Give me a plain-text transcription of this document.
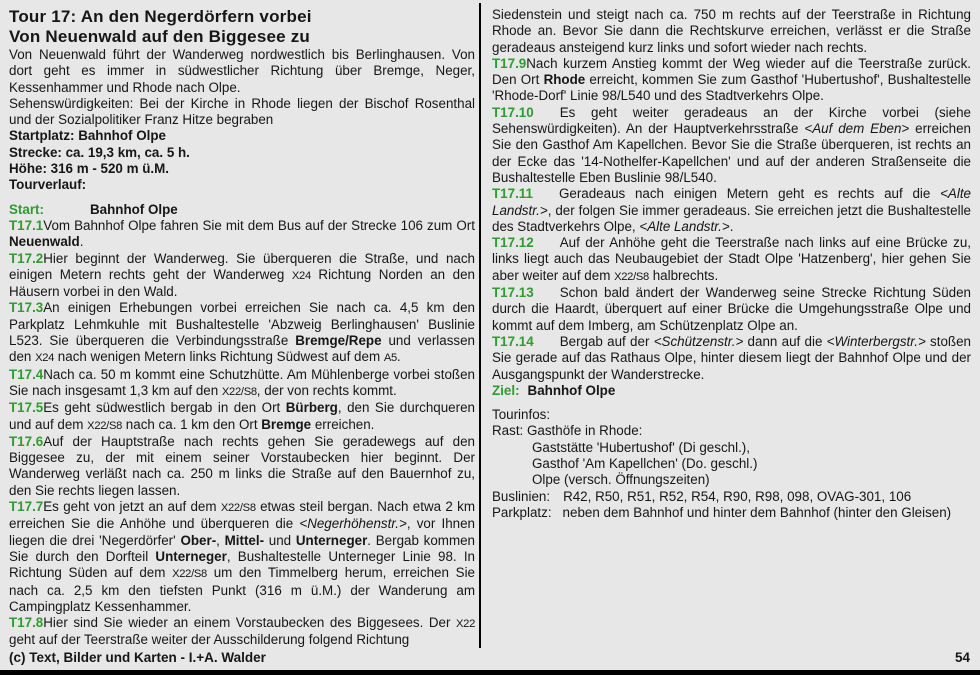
Tour 17: An den Negerdörfern vorbei
Von Neuenwald auf den Biggesee zu
Von Neuenwald führt der Wanderweg nordwestlich bis Berlinghausen. Von dort geht es immer in südwestlicher Richtung über Bremge, Neger, Kessenhammer und Rhode nach Olpe.
Sehenswürdigkeiten: Bei der Kirche in Rhode liegen der Bischof Rosenthal und der Sozialpolitiker Franz Hitze begraben
Startplatz: Bahnhof Olpe
Strecke: ca. 19,3 km, ca. 5 h.
Höhe: 316 m - 520 m ü.M.
Tourverlauf:
Start:	Bahnhof Olpe
T17.1Vom Bahnhof Olpe fahren Sie mit dem Bus auf der Strecke 106 zum Ort Neuenwald.
T17.2Hier beginnt der Wanderweg. Sie überqueren die Straße, und nach einigen Metern rechts geht der Wanderweg X24 Richtung Norden an den Häusern vorbei in den Wald.
T17.3An einigen Erhebungen vorbei erreichen Sie nach ca. 4,5 km den Parkplatz Lehmkuhle mit Bushaltestelle 'Abzweig Berlinghausen' Buslinie L523. Sie überqueren die Verbindungsstraße Bremge/Repe und verlassen den X24 nach wenigen Metern links Richtung Südwest auf dem A5.
T17.4Nach ca. 50 m kommt eine Schutzhütte. Am Mühlenberge vorbei stoßen Sie nach insgesamt 1,3 km auf den X22/S8, der von rechts kommt.
T17.5Es geht südwestlich bergab in den Ort Bürberg, den Sie durchqueren und auf dem X22/S8 nach ca. 1 km den Ort Bremge erreichen.
T17.6Auf der Hauptstraße nach rechts gehen Sie geradewegs auf den Biggesee zu, der mit einem seiner Vorstaubecken hier beginnt. Der Wanderweg verläßt nach ca. 250 m links die Straße auf den Bauernhof zu, den Sie rechts liegen lassen.
T17.7Es geht von jetzt an auf dem X22/S8 etwas steil bergan. Nach etwa 2 km erreichen Sie die Anhöhe und überqueren die <Negerhöhenstr.>, vor Ihnen liegen die drei 'Negerdörfer' Ober-, Mittel- und Unterneger. Bergab kommen Sie durch den Dorfteil Unterneger, Bushaltestelle Unterneger Linie 98. In Richtung Süden auf dem X22/S8 um den Timmelberg herum, erreichen Sie nach ca. 2,5 km den tiefsten Punkt (316 m ü.M.) der Wanderung am Campingplatz Kessenhammer.
T17.8Hier sind Sie wieder an einem Vorstaubecken des Biggesees. Der X22 geht auf der Teerstraße weiter der Ausschilderung folgend Richtung
Siedenstein und steigt nach ca. 750 m rechts auf der Teerstraße in Richtung Rhode an. Bevor Sie dann die Rechtskurve erreichen, verlässt er die Straße geradeaus ansteigend kurz links und sofort wieder nach rechts.
T17.9Nach kurzem Anstieg kommt der Weg wieder auf die Teerstraße zurück. Den Ort Rhode erreicht, kommen Sie zum Gasthof 'Hubertushof', Bushaltestelle 'Rhode-Dorf' Linie 98/L540 und des Stadtverkehrs Olpe.
T17.10 Es geht weiter geradeaus an der Kirche vorbei (siehe Sehenswürdigkeiten). An der Hauptverkehrsstraße <Auf dem Eben> erreichen Sie den Gasthof Am Kapellchen. Bevor Sie die Straße überqueren, ist rechts an der Ecke das '14-Nothelfer-Kapellchen' und auf der anderen Straßenseite die Bushaltestelle Eben Buslinie 98/L540.
T17.11 Geradeaus nach einigen Metern geht es rechts auf die <Alte Landstr.>, der folgen Sie immer geradeaus. Sie erreichen jetzt die Bushaltestelle des Stadtverkehrs Olpe, <Alte Landstr.>.
T17.12 Auf der Anhöhe geht die Teerstraße nach links auf eine Brücke zu, links liegt auch das Neubaugebiet der Stadt Olpe 'Hatzenberg', hier gehen Sie aber weiter auf dem X22/S8 halbrechts.
T17.13 Schon bald ändert der Wanderweg seine Strecke Richtung Süden durch die Haardt, überquert auf einer Brücke die Umgehungsstraße Olpe und kommt auf dem Imberg, am Schützenplatz Olpe an.
T17.14 Bergab auf der <Schützenstr.> dann auf die <Winterbergstr.> stoßen Sie gerade auf das Rathaus Olpe, hinter diesem liegt der Bahnhof Olpe und der Ausgangspunkt der Wanderstrecke.
Ziel: Bahnhof Olpe
Tourinfos:
Rast: Gasthöfe in Rhode:
Gaststätte 'Hubertushof' (Di geschl.),
Gasthof 'Am Kapellchen' (Do. geschl.)
Olpe (versch. Öffnungszeiten)
Buslinien: R42, R50, R51, R52, R54, R90, R98, 098, OVAG-301, 106
Parkplatz: neben dem Bahnhof und hinter dem Bahnhof (hinter den Gleisen)
(c) Text, Bilder und Karten - I.+A. Walder	54
